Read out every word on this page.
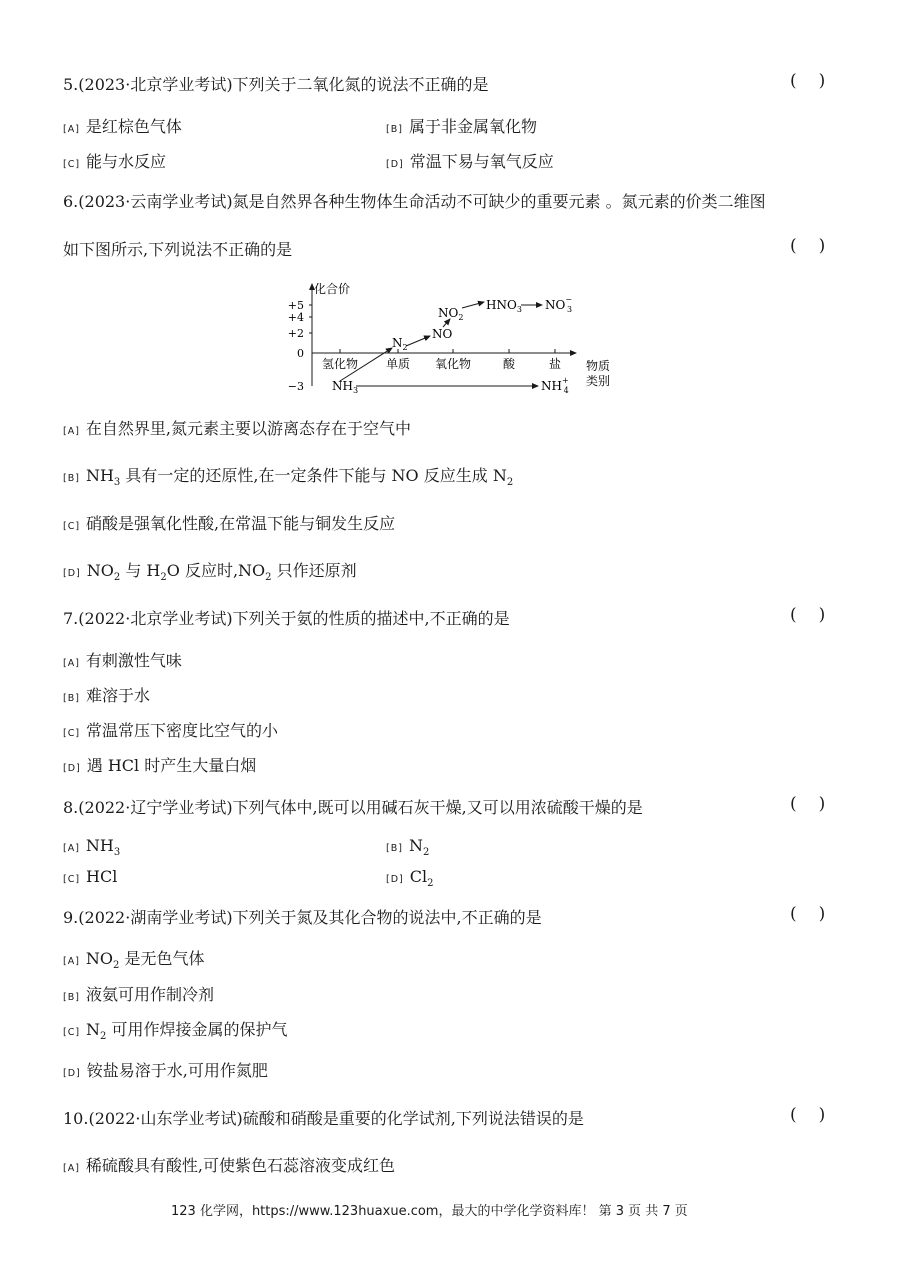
5.(2023·北京学业考试)下列关于二氧化氮的说法不正确的是	()
[A] 是红棕色气体	[B] 属于非金属氧化物
[C] 能与水反应	[D] 常温下易与氧气反应
6.(2023·云南学业考试)氮是自然界各种生物体生命活动不可缺少的重要元素 。氮元素的价类二维图
如下图所示,下列说法不正确的是	()
化合价
+5
+4
+2
0
−3
氢化物 单质 氧化物	酸	盐 物质
类别
$NH_3$
$N_2$
NO
$NO_2$
$HNO_3$ NO− 3
NH+ 4
[A] 在自然界里,氮元素主要以游离态存在于空气中
[B] $NH_3$ 具有一定的还原性,在一定条件下能与 NO 反应生成 $N_2$
[C] 硝酸是强氧化性酸,在常温下能与铜发生反应
[D] $NO_2$ 与 $H_2O$ 反应时$,NO_2$ 只作还原剂
7.(2022·北京学业考试)下列关于氨的性质的描述中,不正确的是	()
[A] 有刺激性气味
[B] 难溶于水
[C] 常温常压下密度比空气的小
[D] 遇 HCl 时产生大量白烟
8.(2022·辽宁学业考试)下列气体中,既可以用碱石灰干燥,又可以用浓硫酸干燥的是	()
[A] $NH_3$	[B] $N_2$
[C] HCl	[D] $Cl_2$
9.(2022·湖南学业考试)下列关于氮及其化合物的说法中,不正确的是	()
[A] $NO_2$ 是无色气体
[B] 液氨可用作制冷剂
[C] $N_2$ 可用作焊接金属的保护气
[D] 铵盐易溶于水,可用作氮肥
10.(2022·山东学业考试)硫酸和硝酸是重要的化学试剂,下列说法错误的是	()
[A] 稀硫酸具有酸性,可使紫色石蕊溶液变成红色
123 化学网，https://www.123huaxue.com，最大的中学化学资料库！ 第 3 页 共 7 页
